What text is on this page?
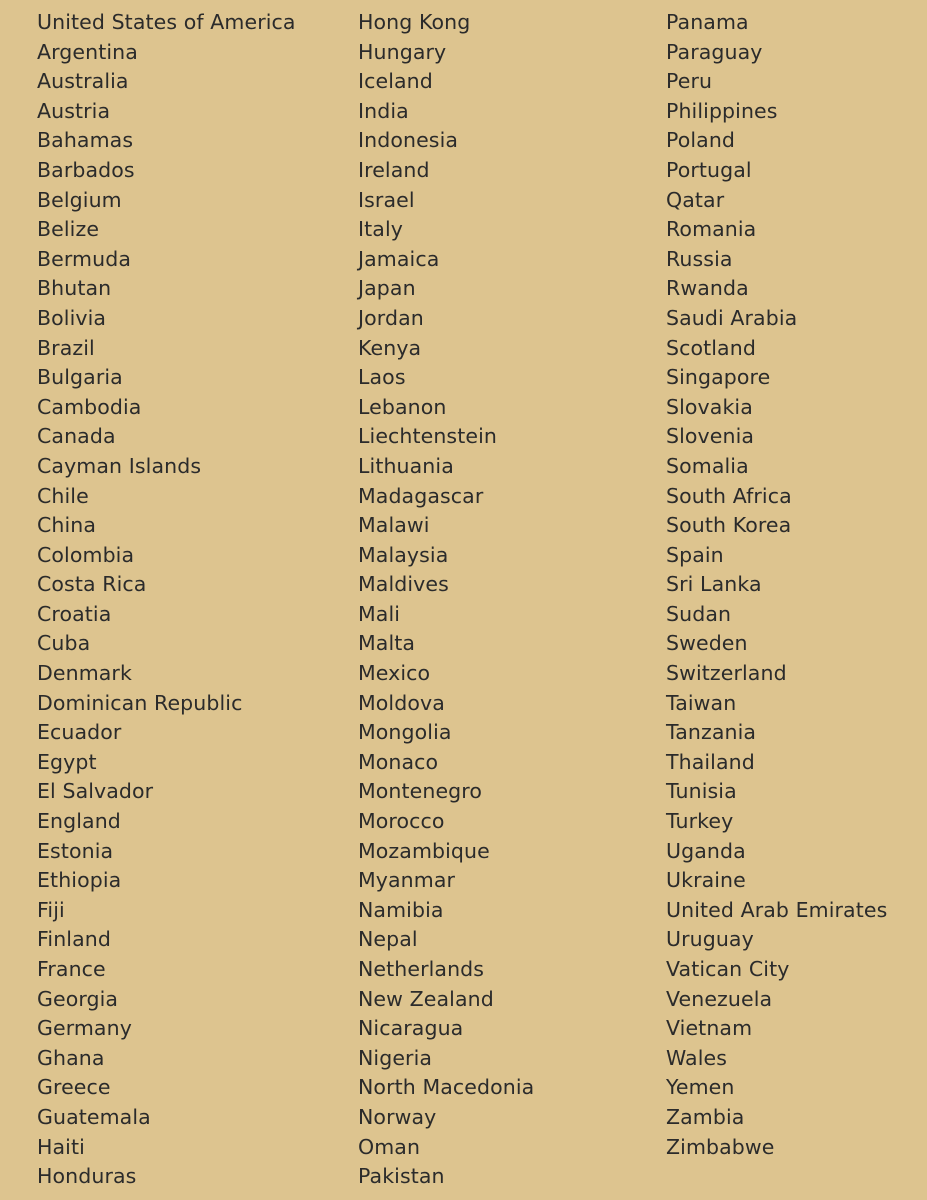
United States of America
Argentina
Australia
Austria
Bahamas
Barbados
Belgium
Belize
Bermuda
Bhutan
Bolivia
Brazil
Bulgaria
Cambodia
Canada
Cayman Islands
Chile
China
Colombia
Costa Rica
Croatia
Cuba
Denmark
Dominican Republic
Ecuador
Egypt
El Salvador
England
Estonia
Ethiopia
Fiji
Finland
France
Georgia
Germany
Ghana
Greece
Guatemala
Haiti
Honduras
Hong Kong
Hungary
Iceland
India
Indonesia
Ireland
Israel
Italy
Jamaica
Japan
Jordan
Kenya
Laos
Lebanon
Liechtenstein
Lithuania
Madagascar
Malawi
Malaysia
Maldives
Mali
Malta
Mexico
Moldova
Mongolia
Monaco
Montenegro
Morocco
Mozambique
Myanmar
Namibia
Nepal
Netherlands
New Zealand
Nicaragua
Nigeria
North Macedonia
Norway
Oman
Pakistan
Panama
Paraguay
Peru
Philippines
Poland
Portugal
Qatar
Romania
Russia
Rwanda
Saudi Arabia
Scotland
Singapore
Slovakia
Slovenia
Somalia
South Africa
South Korea
Spain
Sri Lanka
Sudan
Sweden
Switzerland
Taiwan
Tanzania
Thailand
Tunisia
Turkey
Uganda
Ukraine
United Arab Emirates
Uruguay
Vatican City
Venezuela
Vietnam
Wales
Yemen
Zambia
Zimbabwe
